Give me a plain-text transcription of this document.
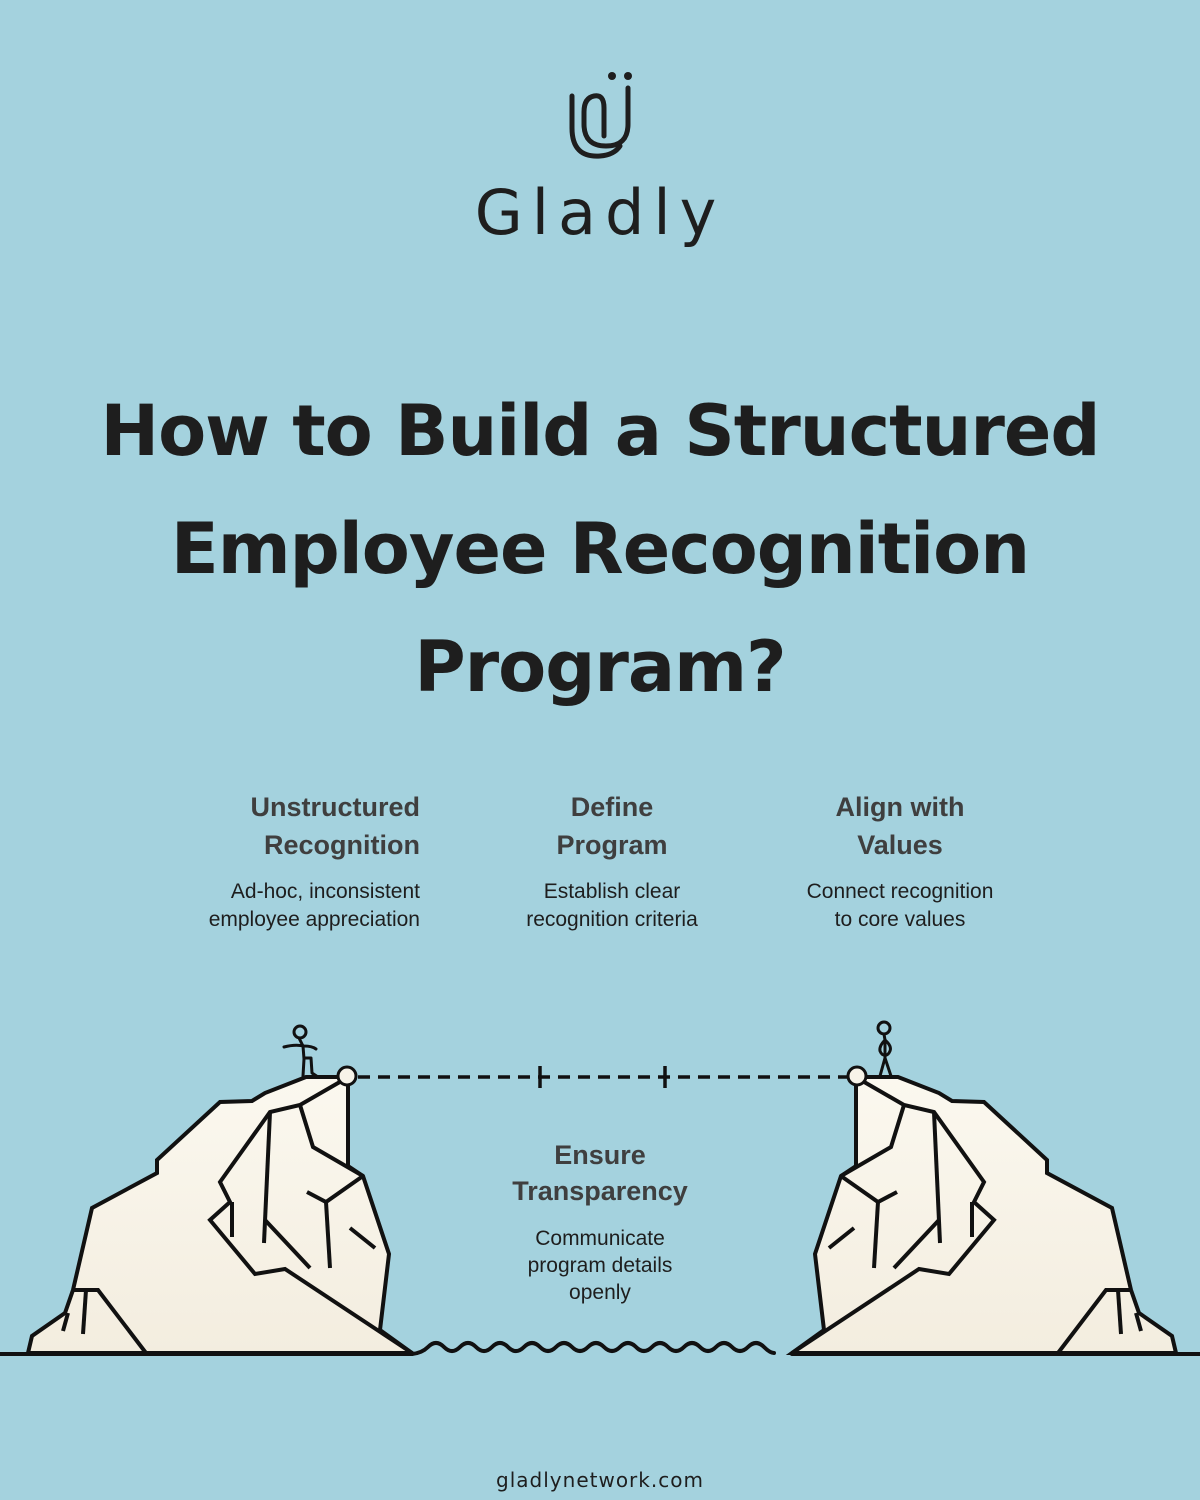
Gladly
How to Build a Structured
Employee Recognition
Program?
Unstructured
Recognition
Ad-hoc, inconsistent
employee appreciation
Define
Program
Establish clear
recognition criteria
Align with
Values
Connect recognition
to core values
Ensure
Transparency
Communicate
program details
openly
gladlynetwork.com
